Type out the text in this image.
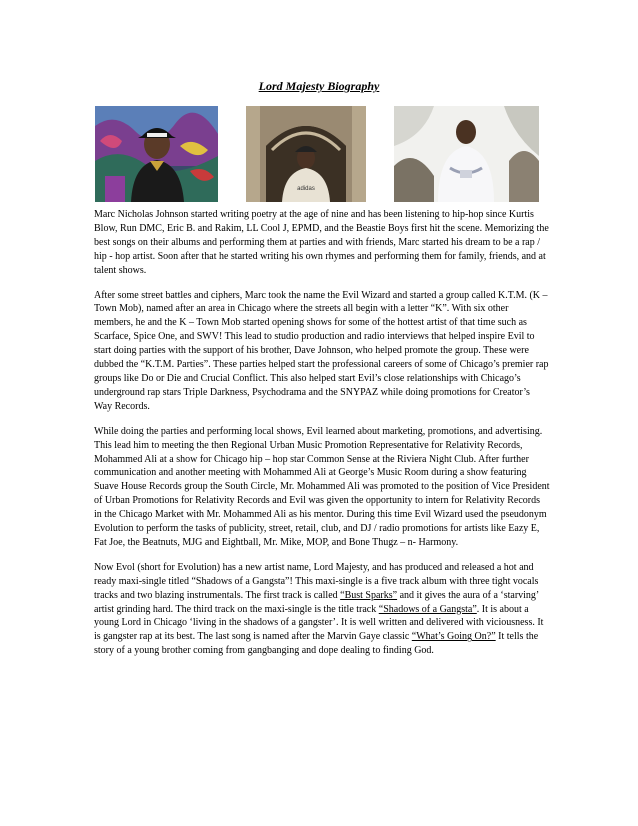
Lord Majesty Biography
adidas

Marc Nicholas Johnson started writing poetry at the age of nine and has been listening to hip-hop since Kurtis Blow, Run DMC, Eric B. and Rakim, LL Cool J, EPMD, and the Beastie Boys first hit the scene. Memorizing the best songs on their albums and performing them at parties and with friends, Marc started his dream to be a rap / hip - hop artist. Soon after that he started writing his own rhymes and performing them for family, friends, and at talent shows.

After some street battles and ciphers, Marc took the name the Evil Wizard and started a group called K.T.M. (K – Town Mob), named after an area in Chicago where the streets all begin with a letter “K”. With six other members, he and the K – Town Mob started opening shows for some of the hottest artist of that time such as Scarface, Spice One, and SWV! This lead to studio production and radio interviews that helped inspire Evil to start doing parties with the support of his brother, Dave Johnson, who helped promote the group. These were dubbed the “K.T.M. Parties”. These parties helped start the professional careers of some of Chicago’s premier rap groups like Do or Die and Crucial Conflict. This also helped start Evil’s close relationships with Chicago’s underground rap stars Triple Darkness, Psychodrama and the SNYPAZ while doing promotions for Creator’s Way Records.

While doing the parties and performing local shows, Evil learned about marketing, promotions, and advertising. This lead him to meeting the then Regional Urban Music Promotion Representative for Relativity Records, Mohammed Ali at a show for Chicago hip – hop star Common Sense at the Riviera Night Club. After further communication and another meeting with Mohammed Ali at George’s Music Room during a show featuring Suave House Records group the South Circle, Mr. Mohammed Ali was promoted to the position of Vice President of Urban Promotions for Relativity Records and Evil was given the opportunity to intern for Relativity Records in the Chicago Market with Mr. Mohammed Ali as his mentor. During this time Evil Wizard used the pseudonym Evolution to perform the tasks of publicity, street, retail, club, and DJ / radio promotions for artists like Eazy E, Fat Joe, the Beatnuts, MJG and Eightball, Mr. Mike, MOP, and Bone Thugz – n- Harmony.

Now Evol (short for Evolution) has a new artist name, Lord Majesty, and has produced and released a hot and ready maxi-single titled “Shadows of a Gangsta”! This maxi-single is a five track album with three tight vocals tracks and two blazing instrumentals. The first track is called “Bust Sparks” and it gives the aura of a ‘starving’ artist grinding hard. The third track on the maxi-single is the title track “Shadows of a Gangsta”. It is about a young Lord in Chicago ‘living in the shadows of a gangster’. It is well written and delivered with viciousness. It is gangster rap at its best. The last song is named after the Marvin Gaye classic “What’s Going On?” It tells the story of a young brother coming from gangbanging and dope dealing to finding God.
